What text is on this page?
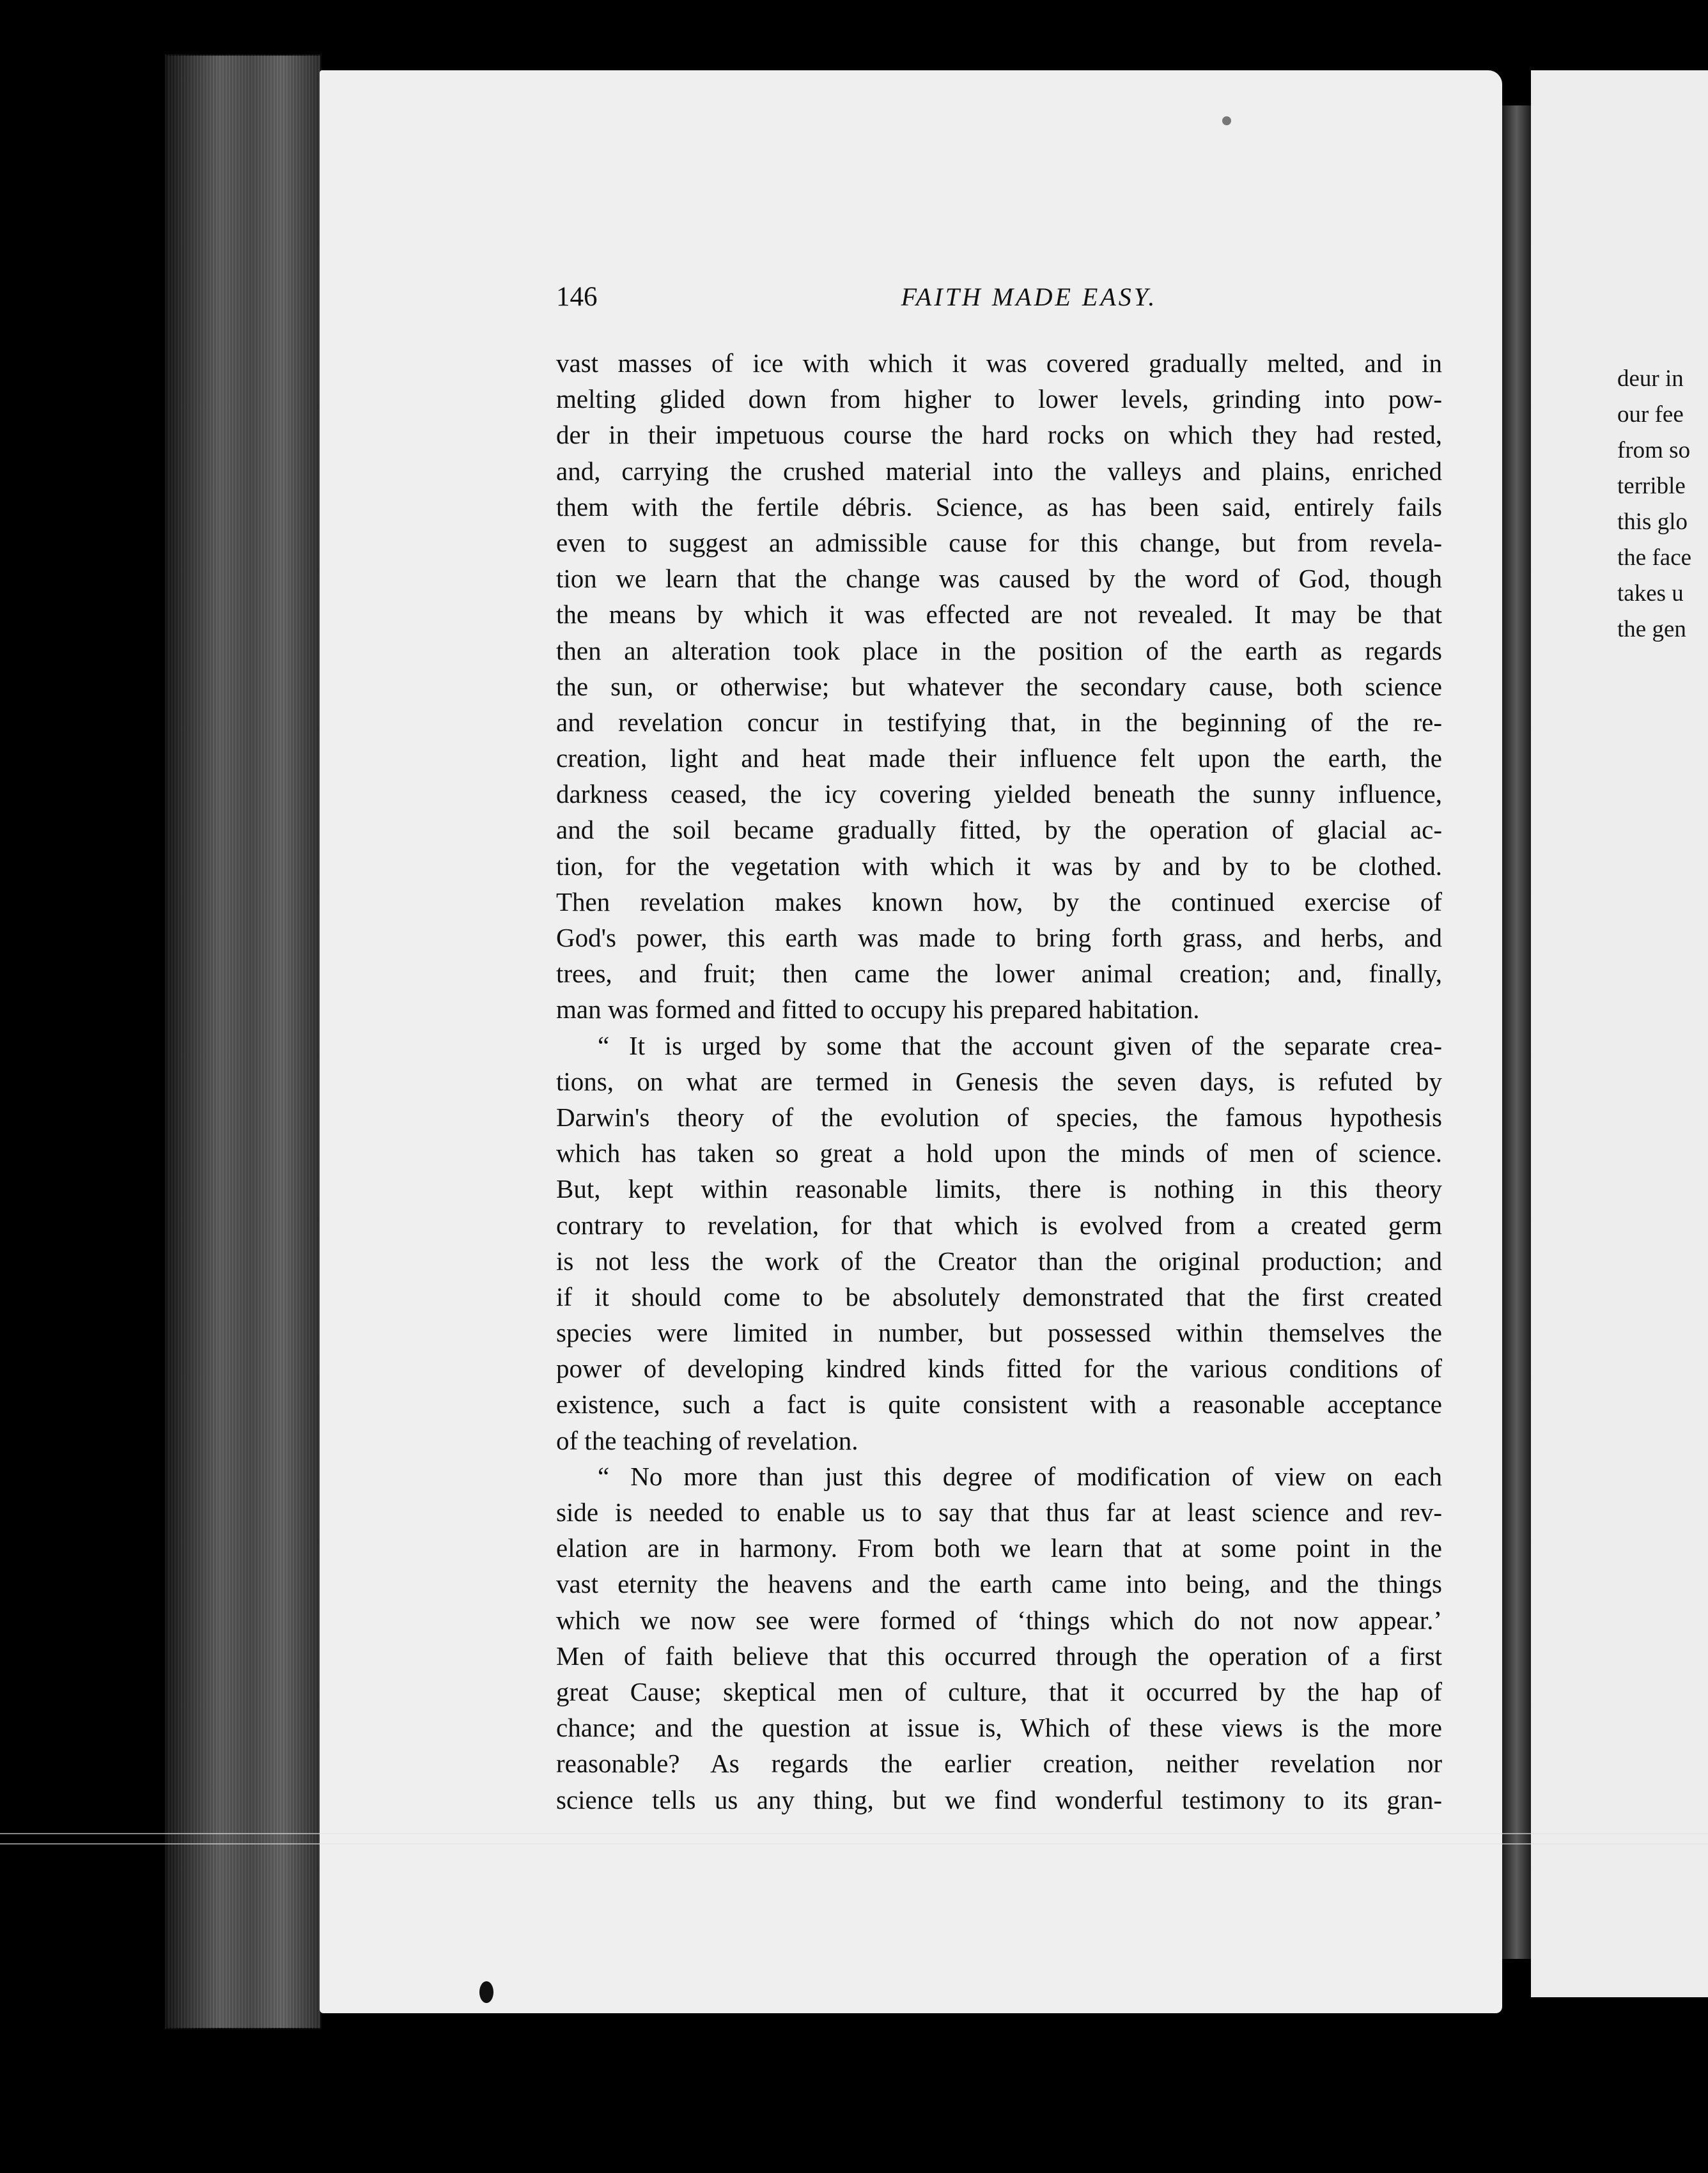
deur in
our fee
from so
terrible
this glo
the face
takes u
the gen
146	FAITH MADE EASY.
vast masses of ice with which it was covered gradually melted, and in
melting glided down from higher to lower levels, grinding into pow-
der in their impetuous course the hard rocks on which they had rested,
and, carrying the crushed material into the valleys and plains, enriched
them with the fertile débris. Science, as has been said, entirely fails
even to suggest an admissible cause for this change, but from revela-
tion we learn that the change was caused by the word of God, though
the means by which it was effected are not revealed. It may be that
then an alteration took place in the position of the earth as regards
the sun, or otherwise; but whatever the secondary cause, both science
and revelation concur in testifying that, in the beginning of the re-
creation, light and heat made their influence felt upon the earth, the
darkness ceased, the icy covering yielded beneath the sunny influence,
and the soil became gradually fitted, by the operation of glacial ac-
tion, for the vegetation with which it was by and by to be clothed.
Then revelation makes known how, by the continued exercise of
God's power, this earth was made to bring forth grass, and herbs, and
trees, and fruit; then came the lower animal creation; and, finally,
man was formed and fitted to occupy his prepared habitation.
“ It is urged by some that the account given of the separate crea-
tions, on what are termed in Genesis the seven days, is refuted by
Darwin's theory of the evolution of species, the famous hypothesis
which has taken so great a hold upon the minds of men of science.
But, kept within reasonable limits, there is nothing in this theory
contrary to revelation, for that which is evolved from a created germ
is not less the work of the Creator than the original production; and
if it should come to be absolutely demonstrated that the first created
species were limited in number, but possessed within themselves the
power of developing kindred kinds fitted for the various conditions of
existence, such a fact is quite consistent with a reasonable acceptance
of the teaching of revelation.
“ No more than just this degree of modification of view on each
side is needed to enable us to say that thus far at least science and rev-
elation are in harmony. From both we learn that at some point in the
vast eternity the heavens and the earth came into being, and the things
which we now see were formed of ‘things which do not now appear.’
Men of faith believe that this occurred through the operation of a first
great Cause; skeptical men of culture, that it occurred by the hap of
chance; and the question at issue is, Which of these views is the more
reasonable? As regards the earlier creation, neither revelation nor
science tells us any thing, but we find wonderful testimony to its gran-
